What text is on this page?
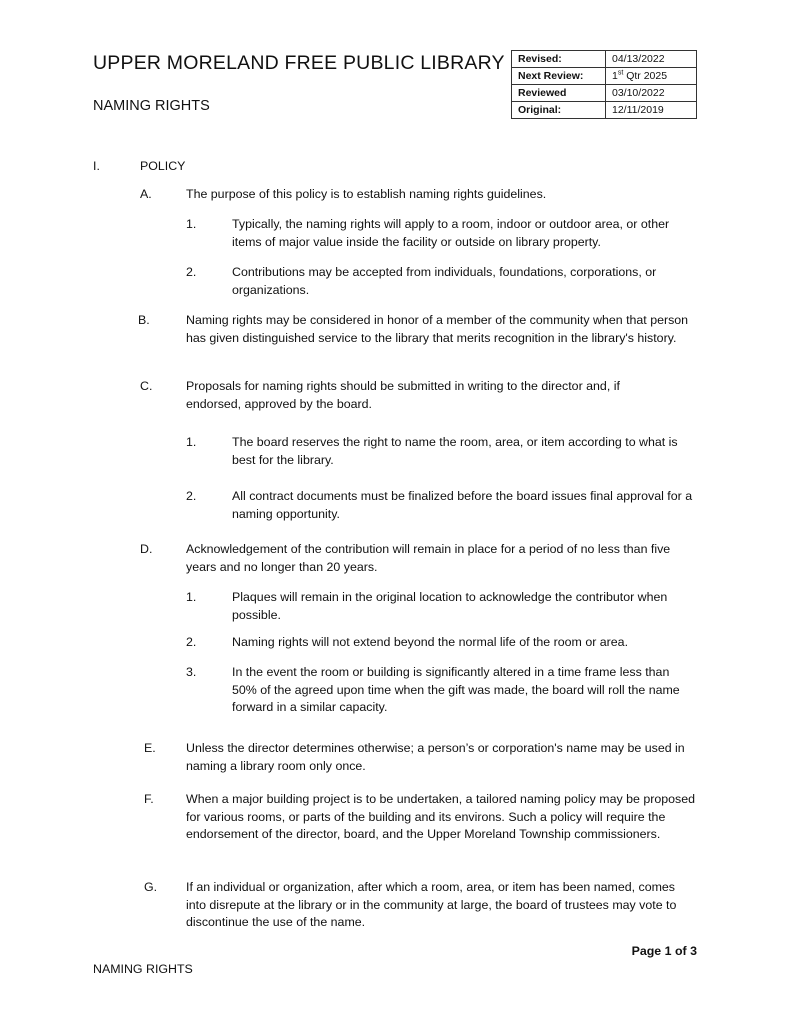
UPPER MORELAND FREE PUBLIC LIBRARY
NAMING RIGHTS
Revised:	04/13/2022
Next Review:	1st Qtr 2025
Reviewed	03/10/2022
Original:	12/11/2019
I.	POLICY
A.	The purpose of this policy is to establish naming rights guidelines.
1.	Typically, the naming rights will apply to a room, indoor or outdoor area, or other items of major value inside the facility or outside on library property.
2.	Contributions may be accepted from individuals, foundations, corporations, or organizations.
B.	Naming rights may be considered in honor of a member of the community when that person has given distinguished service to the library that merits recognition in the library's history.
C.	Proposals for naming rights should be submitted in writing to the director and, if endorsed, approved by the board.
1.	The board reserves the right to name the room, area, or item according to what is best for the library.
2.	All contract documents must be finalized before the board issues final approval for a naming opportunity.
D.	Acknowledgement of the contribution will remain in place for a period of no less than five years and no longer than 20 years.
1.	Plaques will remain in the original location to acknowledge the contributor when possible.
2.	Naming rights will not extend beyond the normal life of the room or area.
3.	In the event the room or building is significantly altered in a time frame less than 50% of the agreed upon time when the gift was made, the board will roll the name forward in a similar capacity.
E. Unless the director determines otherwise; a person’s or corporation's name may be used in naming a library room only once.
F.	When a major building project is to be undertaken, a tailored naming policy may be proposed for various rooms, or parts of the building and its environs. Such a policy will require the endorsement of the director, board, and the Upper Moreland Township commissioners.
G. If an individual or organization, after which a room, area, or item has been named, comes into disrepute at the library or in the community at large, the board of trustees may vote to discontinue the use of the name.
Page 1 of 3
NAMING RIGHTS
